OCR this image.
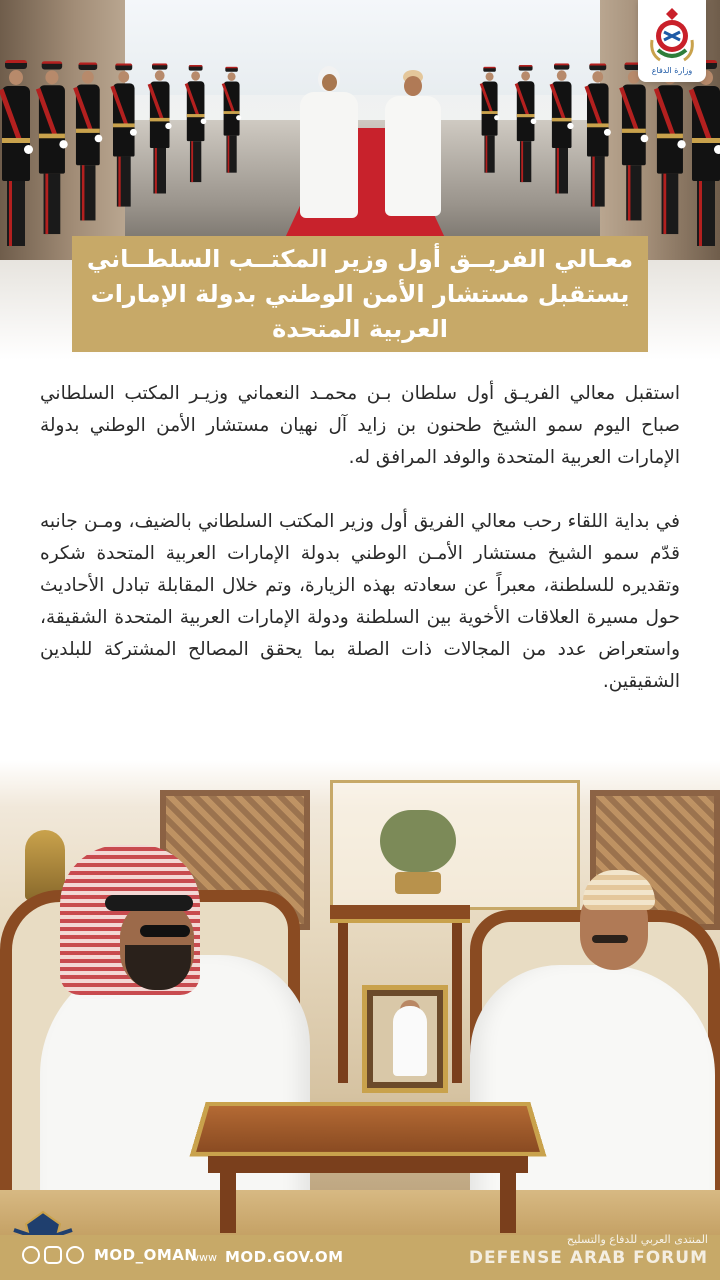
وزارة الدفاع
معـالي الفريــق أول وزير المكتــب السلطــاني
يستقبل مستشار الأمن الوطني بدولة الإمارات
العربية المتحدة

استقبل معالي الفريـق أول سلطان بـن محمـد النعماني وزيـر المكتب السلطاني صباح اليوم سمو الشيخ طحنون بن زايد آل نهيان مستشار الأمن الوطني بدولة الإمارات العربية المتحدة والوفد المرافق له.

في بداية اللقاء رحب معالي الفريق أول وزير المكتب السلطاني بالضيف، ومـن جانبه قدّم سمو الشيخ مستشار الأمـن الوطني بدولة الإمارات العربية المتحدة شكره وتقديره للسلطنة، معبراً عن سعادته بهذه الزيارة، وتم خلال المقابلة تبادل الأحاديث حول مسيرة العلاقات الأخوية بين السلطنة ودولة الإمارات العربية المتحدة الشقيقة، واستعراض عدد من المجالات ذات الصلة بما يحقق المصالح المشتركة للبلدين الشقيقين.

MOD_OMAN
www MOD.GOV.OM
المنتدى العربي للدفاع والتسليح
DEFENSE ARAB FORUM
